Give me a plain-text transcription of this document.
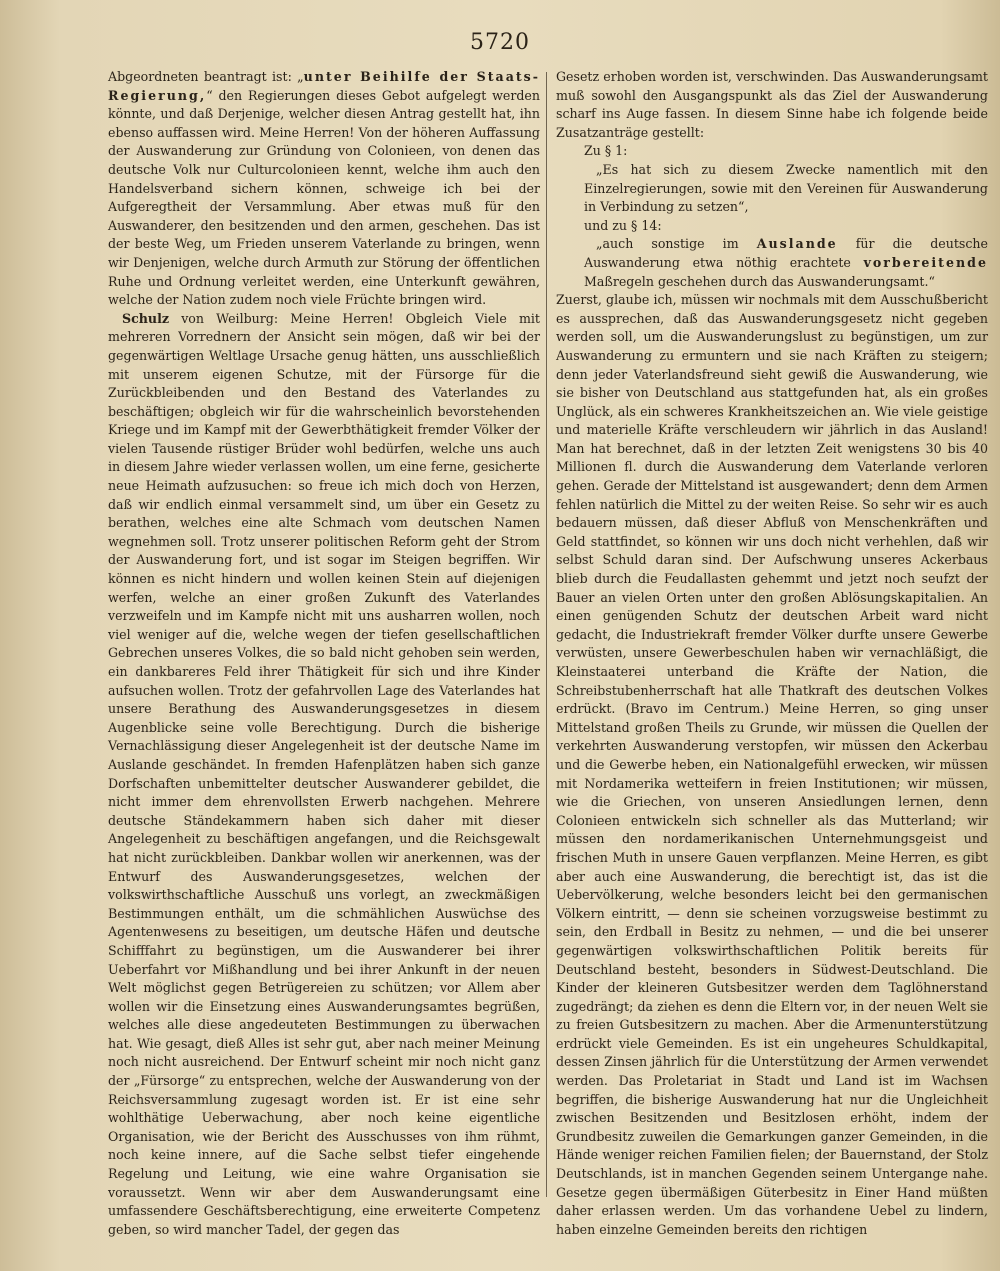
5720

Abgeordneten beantragt ist: „unter Beihilfe der Staats-Regierung,“ den Regierungen dieses Gebot aufgelegt werden könnte, und daß Derjenige, welcher diesen Antrag gestellt hat, ihn ebenso auffassen wird. Meine Herren! Von der höheren Auffassung der Auswanderung zur Gründung von Colonieen, von denen das deutsche Volk nur Culturcolonieen kennt, welche ihm auch den Handelsverband sichern können, schweige ich bei der Aufgeregtheit der Versammlung. Aber etwas muß für den Auswanderer, den besitzenden und den armen, geschehen. Das ist der beste Weg, um Frieden unserem Vaterlande zu bringen, wenn wir Denjenigen, welche durch Armuth zur Störung der öffentlichen Ruhe und Ordnung verleitet werden, eine Unterkunft gewähren, welche der Nation zudem noch viele Früchte bringen wird.

Schulz von Weilburg: Meine Herren! Obgleich Viele mit mehreren Vorrednern der Ansicht sein mögen, daß wir bei der gegenwärtigen Weltlage Ursache genug hätten, uns ausschließlich mit unserem eigenen Schutze, mit der Fürsorge für die Zurückbleibenden und den Bestand des Vaterlandes zu beschäftigen; obgleich wir für die wahrscheinlich bevorstehenden Kriege und im Kampf mit der Gewerbthätigkeit fremder Völker der vielen Tausende rüstiger Brüder wohl bedürfen, welche uns auch in diesem Jahre wieder verlassen wollen, um eine ferne, gesicherte neue Heimath aufzusuchen: so freue ich mich doch von Herzen, daß wir endlich einmal versammelt sind, um über ein Gesetz zu berathen, welches eine alte Schmach vom deutschen Namen wegnehmen soll. Trotz unserer politischen Reform geht der Strom der Auswanderung fort, und ist sogar im Steigen begriffen. Wir können es nicht hindern und wollen keinen Stein auf diejenigen werfen, welche an einer großen Zukunft des Vaterlandes verzweifeln und im Kampfe nicht mit uns ausharren wollen, noch viel weniger auf die, welche wegen der tiefen gesellschaftlichen Gebrechen unseres Volkes, die so bald nicht gehoben sein werden, ein dankbareres Feld ihrer Thätigkeit für sich und ihre Kinder aufsuchen wollen. Trotz der gefahrvollen Lage des Vaterlandes hat unsere Berathung des Auswanderungsgesetzes in diesem Augenblicke seine volle Berechtigung. Durch die bisherige Vernachlässigung dieser Angelegenheit ist der deutsche Name im Auslande geschändet. In fremden Hafenplätzen haben sich ganze Dorfschaften unbemittelter deutscher Auswanderer gebildet, die nicht immer dem ehrenvollsten Erwerb nachgehen. Mehrere deutsche Ständekammern haben sich daher mit dieser Angelegenheit zu beschäftigen angefangen, und die Reichsgewalt hat nicht zurückbleiben. Dankbar wollen wir anerkennen, was der Entwurf des Auswanderungsgesetzes, welchen der volkswirthschaftliche Ausschuß uns vorlegt, an zweckmäßigen Bestimmungen enthält, um die schmählichen Auswüchse des Agentenwesens zu beseitigen, um deutsche Häfen und deutsche Schifffahrt zu begünstigen, um die Auswanderer bei ihrer Ueberfahrt vor Mißhandlung und bei ihrer Ankunft in der neuen Welt möglichst gegen Betrügereien zu schützen; vor Allem aber wollen wir die Einsetzung eines Auswanderungsamtes begrüßen, welches alle diese angedeuteten Bestimmungen zu überwachen hat. Wie gesagt, dieß Alles ist sehr gut, aber nach meiner Meinung noch nicht ausreichend. Der Entwurf scheint mir noch nicht ganz der „Fürsorge“ zu entsprechen, welche der Auswanderung von der Reichsversammlung zugesagt worden ist. Er ist eine sehr wohlthätige Ueberwachung, aber noch keine eigentliche Organisation, wie der Bericht des Ausschusses von ihm rühmt, noch keine innere, auf die Sache selbst tiefer eingehende Regelung und Leitung, wie eine wahre Organisation sie voraussetzt. Wenn wir aber dem Auswanderungsamt eine umfassendere Geschäftsberechtigung, eine erweiterte Competenz geben, so wird mancher Tadel, der gegen das

Gesetz erhoben worden ist, verschwinden. Das Auswanderungsamt muß sowohl den Ausgangspunkt als das Ziel der Auswanderung scharf ins Auge fassen. In diesem Sinne habe ich folgende beide Zusatzanträge gestellt:

Zu § 1:

„Es hat sich zu diesem Zwecke namentlich mit den Einzelregierungen, sowie mit den Vereinen für Auswanderung in Verbindung zu setzen“,

und zu § 14:

„auch sonstige im Auslande für die deutsche Auswanderung etwa nöthig erachtete vorbereitende Maßregeln geschehen durch das Auswanderungsamt.“

Zuerst, glaube ich, müssen wir nochmals mit dem Ausschußbericht es aussprechen, daß das Auswanderungsgesetz nicht gegeben werden soll, um die Auswanderungslust zu begünstigen, um zur Auswanderung zu ermuntern und sie nach Kräften zu steigern; denn jeder Vaterlandsfreund sieht gewiß die Auswanderung, wie sie bisher von Deutschland aus stattgefunden hat, als ein großes Unglück, als ein schweres Krankheitszeichen an. Wie viele geistige und materielle Kräfte verschleudern wir jährlich in das Ausland! Man hat berechnet, daß in der letzten Zeit wenigstens 30 bis 40 Millionen fl. durch die Auswanderung dem Vaterlande verloren gehen. Gerade der Mittelstand ist ausgewandert; denn dem Armen fehlen natürlich die Mittel zu der weiten Reise. So sehr wir es auch bedauern müssen, daß dieser Abfluß von Menschenkräften und Geld stattfindet, so können wir uns doch nicht verhehlen, daß wir selbst Schuld daran sind. Der Aufschwung unseres Ackerbaus blieb durch die Feudallasten gehemmt und jetzt noch seufzt der Bauer an vielen Orten unter den großen Ablösungskapitalien. An einen genügenden Schutz der deutschen Arbeit ward nicht gedacht, die Industriekraft fremder Völker durfte unsere Gewerbe verwüsten, unsere Gewerbeschulen haben wir vernachläßigt, die Kleinstaaterei unterband die Kräfte der Nation, die Schreibstubenherrschaft hat alle Thatkraft des deutschen Volkes erdrückt. (Bravo im Centrum.) Meine Herren, so ging unser Mittelstand großen Theils zu Grunde, wir müssen die Quellen der verkehrten Auswanderung verstopfen, wir müssen den Ackerbau und die Gewerbe heben, ein Nationalgefühl erwecken, wir müssen mit Nordamerika wetteifern in freien Institutionen; wir müssen, wie die Griechen, von unseren Ansiedlungen lernen, denn Colonieen entwickeln sich schneller als das Mutterland; wir müssen den nordamerikanischen Unternehmungsgeist und frischen Muth in unsere Gauen verpflanzen. Meine Herren, es gibt aber auch eine Auswanderung, die berechtigt ist, das ist die Uebervölkerung, welche besonders leicht bei den germanischen Völkern eintritt, — denn sie scheinen vorzugsweise bestimmt zu sein, den Erdball in Besitz zu nehmen, — und die bei unserer gegenwärtigen volkswirthschaftlichen Politik bereits für Deutschland besteht, besonders in Südwest-Deutschland. Die Kinder der kleineren Gutsbesitzer werden dem Taglöhnerstand zugedrängt; da ziehen es denn die Eltern vor, in der neuen Welt sie zu freien Gutsbesitzern zu machen. Aber die Armenunterstützung erdrückt viele Gemeinden. Es ist ein ungeheures Schuldkapital, dessen Zinsen jährlich für die Unterstützung der Armen verwendet werden. Das Proletariat in Stadt und Land ist im Wachsen begriffen, die bisherige Auswanderung hat nur die Ungleichheit zwischen Besitzenden und Besitzlosen erhöht, indem der Grundbesitz zuweilen die Gemarkungen ganzer Gemeinden, in die Hände weniger reichen Familien fielen; der Bauernstand, der Stolz Deutschlands, ist in manchen Gegenden seinem Untergange nahe. Gesetze gegen übermäßigen Güterbesitz in Einer Hand müßten daher erlassen werden. Um das vorhandene Uebel zu lindern, haben einzelne Gemeinden bereits den richtigen
